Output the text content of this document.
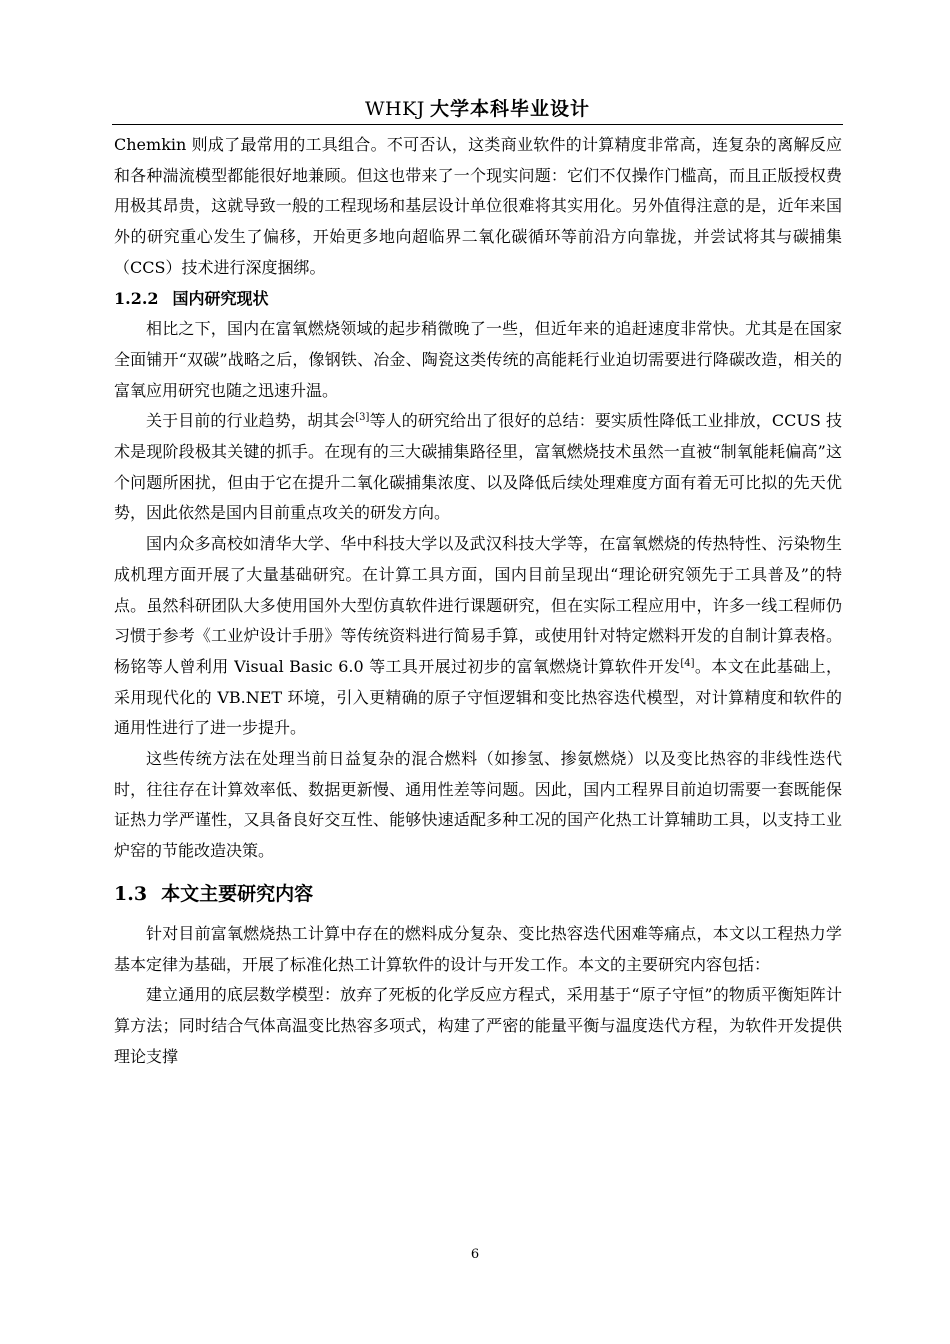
WHKJ 大学本科毕业设计

Chemkin 则成了最常用的工具组合。不可否认，这类商业软件的计算精度非常高，连复杂的离解反应和各种湍流模型都能很好地兼顾。但这也带来了一个现实问题：它们不仅操作门槛高，而且正版授权费用极其昂贵，这就导致一般的工程现场和基层设计单位很难将其实用化。另外值得注意的是，近年来国外的研究重心发生了偏移，开始更多地向超临界二氧化碳循环等前沿方向靠拢，并尝试将其与碳捕集（CCS）技术进行深度捆绑。

1.2.2 国内研究现状

相比之下，国内在富氧燃烧领域的起步稍微晚了一些，但近年来的追赶速度非常快。尤其是在国家全面铺开“双碳”战略之后，像钢铁、冶金、陶瓷这类传统的高能耗行业迫切需要进行降碳改造，相关的富氧应用研究也随之迅速升温。

关于目前的行业趋势，胡其会[3]等人的研究给出了很好的总结：要实质性降低工业排放，CCUS 技术是现阶段极其关键的抓手。在现有的三大碳捕集路径里，富氧燃烧技术虽然一直被“制氧能耗偏高”这个问题所困扰，但由于它在提升二氧化碳捕集浓度、以及降低后续处理难度方面有着无可比拟的先天优势，因此依然是国内目前重点攻关的研发方向。

国内众多高校如清华大学、华中科技大学以及武汉科技大学等，在富氧燃烧的传热特性、污染物生成机理方面开展了大量基础研究。在计算工具方面，国内目前呈现出“理论研究领先于工具普及”的特点。虽然科研团队大多使用国外大型仿真软件进行课题研究，但在实际工程应用中，许多一线工程师仍习惯于参考《工业炉设计手册》等传统资料进行简易手算，或使用针对特定燃料开发的自制计算表格。杨铭等人曾利用 Visual Basic 6.0 等工具开展过初步的富氧燃烧计算软件开发[4]。本文在此基础上，采用现代化的 VB.NET 环境，引入更精确的原子守恒逻辑和变比热容迭代模型，对计算精度和软件的通用性进行了进一步提升。

这些传统方法在处理当前日益复杂的混合燃料（如掺氢、掺氨燃烧）以及变比热容的非线性迭代时，往往存在计算效率低、数据更新慢、通用性差等问题。因此，国内工程界目前迫切需要一套既能保证热力学严谨性，又具备良好交互性、能够快速适配多种工况的国产化热工计算辅助工具，以支持工业炉窑的节能改造决策。

1.3 本文主要研究内容

针对目前富氧燃烧热工计算中存在的燃料成分复杂、变比热容迭代困难等痛点，本文以工程热力学基本定律为基础，开展了标准化热工计算软件的设计与开发工作。本文的主要研究内容包括：

建立通用的底层数学模型：放弃了死板的化学反应方程式，采用基于“原子守恒”的物质平衡矩阵计算方法；同时结合气体高温变比热容多项式，构建了严密的能量平衡与温度迭代方程，为软件开发提供理论支撑

6
